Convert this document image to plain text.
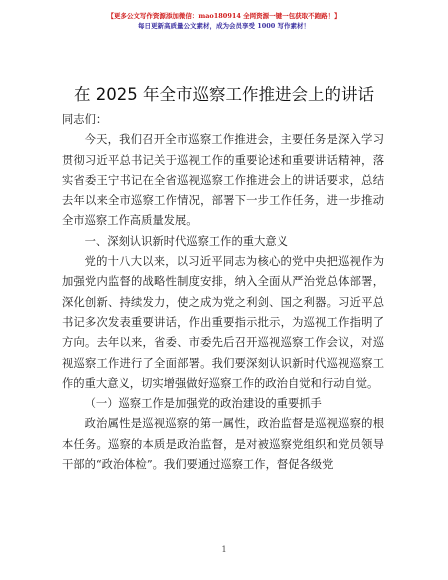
【更多公文写作资源添加微信：mao180914 全网资源一键一包获取不跑路！】
每日更新高质量公文素材，成为会员享受 1000 写作素材！
在 2025 年全市巡察工作推进会上的讲话

同志们：

今天，我们召开全市巡察工作推进会，主要任务是深入学习贯彻习近平总书记关于巡视工作的重要论述和重要讲话精神，落实省委王宁书记在全省巡视巡察工作推进会上的讲话要求，总结去年以来全市巡察工作情况，部署下一步工作任务，进一步推动全市巡察工作高质量发展。

一、深刻认识新时代巡察工作的重大意义

党的十八大以来，以习近平同志为核心的党中央把巡视作为加强党内监督的战略性制度安排，纳入全面从严治党总体部署，深化创新、持续发力，使之成为党之利剑、国之利器。习近平总书记多次发表重要讲话，作出重要指示批示，为巡视工作指明了方向。去年以来，省委、市委先后召开巡视巡察工作会议，对巡视巡察工作进行了全面部署。我们要深刻认识新时代巡视巡察工作的重大意义，切实增强做好巡察工作的政治自觉和行动自觉。

（一）巡察工作是加强党的政治建设的重要抓手

政治属性是巡视巡察的第一属性，政治监督是巡视巡察的根本任务。巡察的本质是政治监督，是对被巡察党组织和党员领导干部的“政治体检”。我们要通过巡察工作，督促各级党

1
